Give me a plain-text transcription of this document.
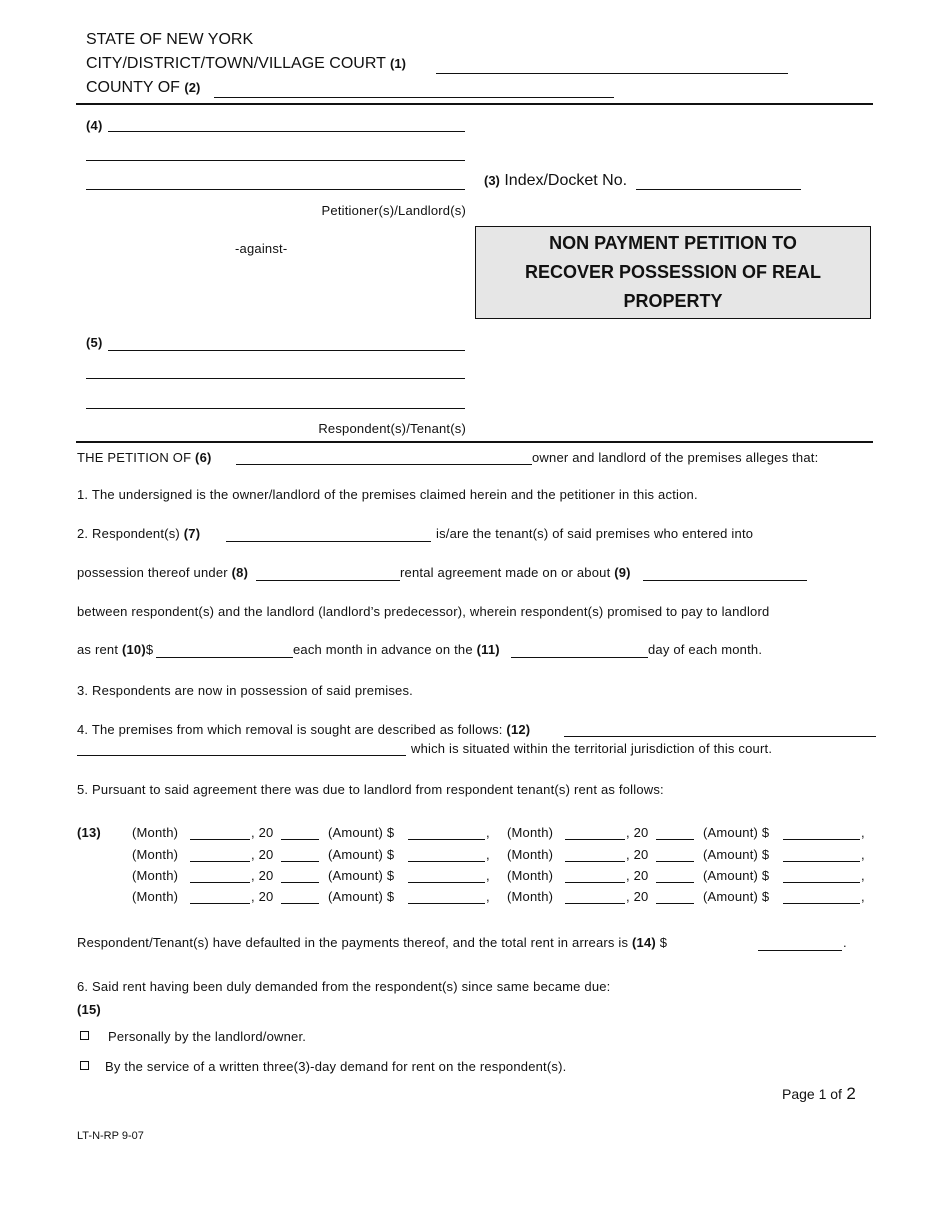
STATE OF NEW YORK
CITY/DISTRICT/TOWN/VILLAGE COURT (1)
COUNTY OF (2)
(4)
Petitioner(s)/Landlord(s)
-against-
(5)
Respondent(s)/Tenant(s)
(3) Index/Docket No.
NON PAYMENT PETITION TO
RECOVER POSSESSION OF REAL
PROPERTY
THE PETITION OF (6)	owner and landlord of the premises alleges that:
1. The undersigned is the owner/landlord of the premises claimed herein and the petitioner in this action.
2. Respondent(s) (7)	is/are the tenant(s) of said premises who entered into
possession thereof under (8)	rental agreement made on or about (9)
between respondent(s) and the landlord (landlord’s predecessor), wherein respondent(s) promised to pay to landlord
as rent (10)$	each month in advance on the (11)	day of each month.
3. Respondents are now in possession of said premises.
4. The premises from which removal is sought are described as follows: (12)
which is situated within the territorial jurisdiction of this court.
5. Pursuant to said agreement there was due to landlord from respondent tenant(s) rent as follows:
(13) (Month)	, 20	(Amount) $	, (Month)	, 20	(Amount) $	,
(Month)	, 20	(Amount) $	, (Month)	, 20	(Amount) $	,
(Month)	, 20	(Amount) $	, (Month)	, 20	(Amount) $	,
(Month)	, 20	(Amount) $	, (Month)	, 20	(Amount) $	,
Respondent/Tenant(s) have defaulted in the payments thereof, and the total rent in arrears is (14) $	.
6. Said rent having been duly demanded from the respondent(s) since same became due:
(15)
Personally by the landlord/owner.
By the service of a written three(3)-day demand for rent on the respondent(s).
Page 1 of 2
LT-N-RP 9-07
